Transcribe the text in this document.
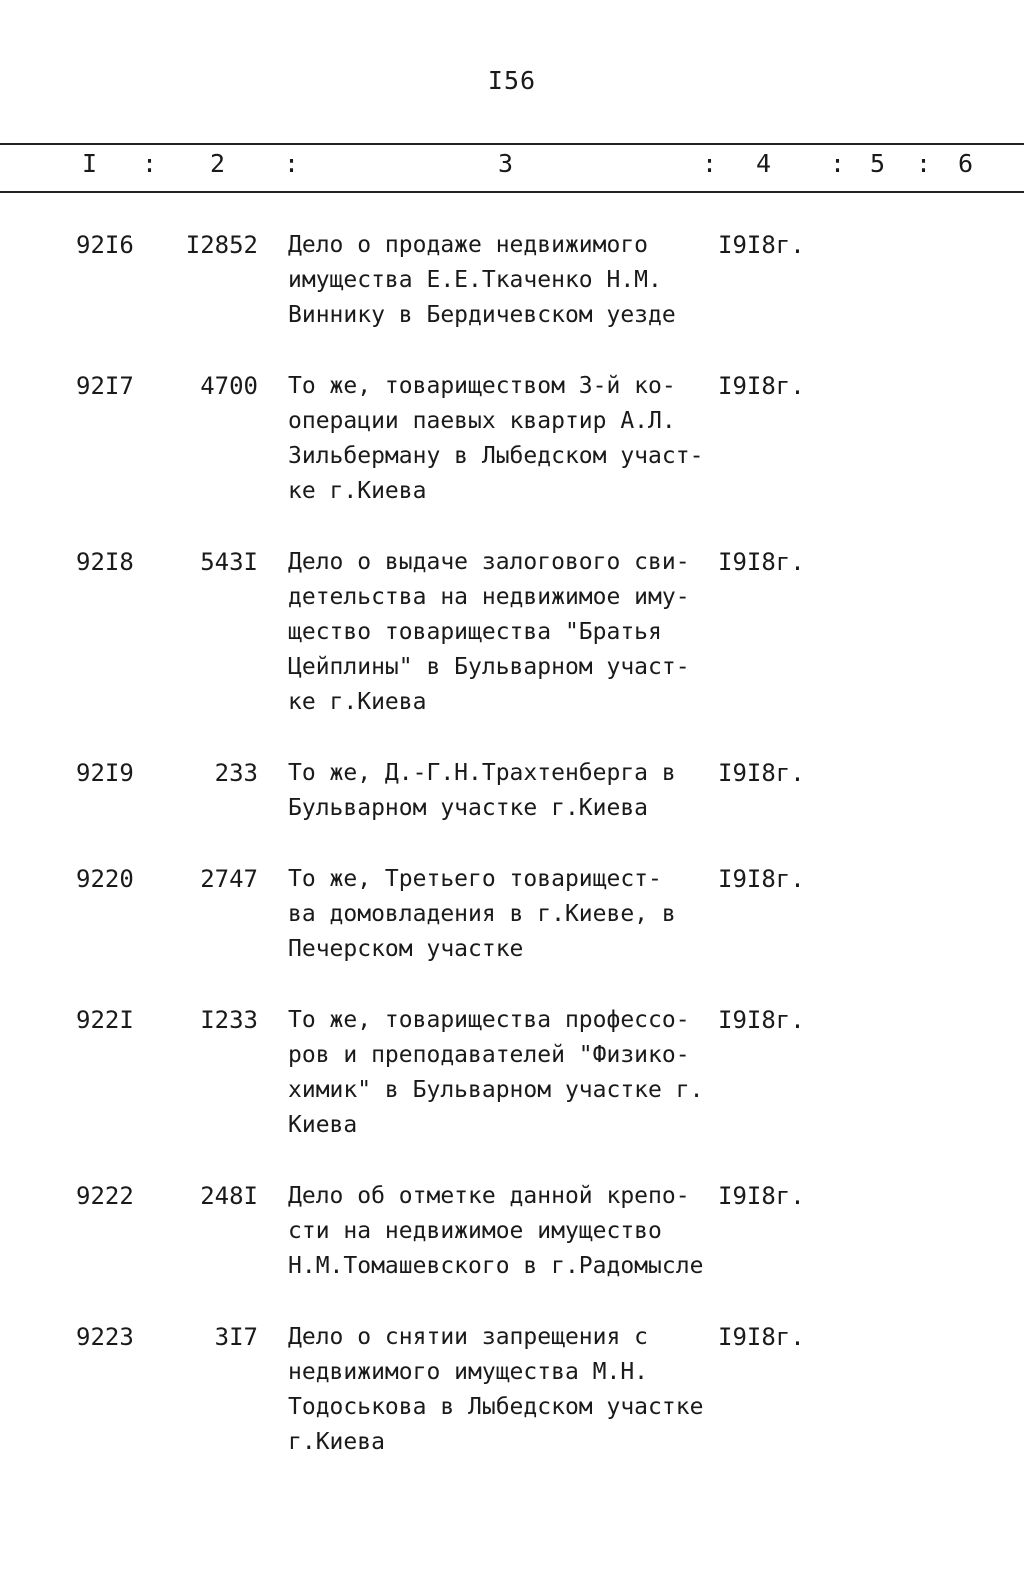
I56
I : 2 :	3	: 4 : 5 : 6
92I6	I2852 Дело о продаже недвижимого
имущества Е.Е.Ткаченко Н.М.
Виннику в Бердичевском уезде
I9I8г.
92I7	4700 То же, товариществом 3-й ко-
операции паевых квартир А.Л.
Зильберману в Лыбедском участ-
ке г.Киева
I9I8г.
92I8	543I Дело о выдаче залогового сви-
детельства на недвижимое иму-
щество товарищества "Братья
Цейплины" в Бульварном участ-
ке г.Киева
I9I8г.
92I9	233 То же, Д.-Г.Н.Трахтенберга в
Бульварном участке г.Киева
I9I8г.
9220	2747 То же, Третьего товарищест-
ва домовладения в г.Киеве, в
Печерском участке
I9I8г.
922I	I233 То же, товарищества профессо-
ров и преподавателей "Физико-
химик" в Бульварном участке г.
Киева
I9I8г.
9222	248I Дело об отметке данной крепо-
сти на недвижимое имущество
Н.М.Томашевского в г.Радомысле
I9I8г.
9223	3I7 Дело о снятии запрещения с
недвижимого имущества М.Н.
Тодоськова в Лыбедском участке
г.Киева
I9I8г.
